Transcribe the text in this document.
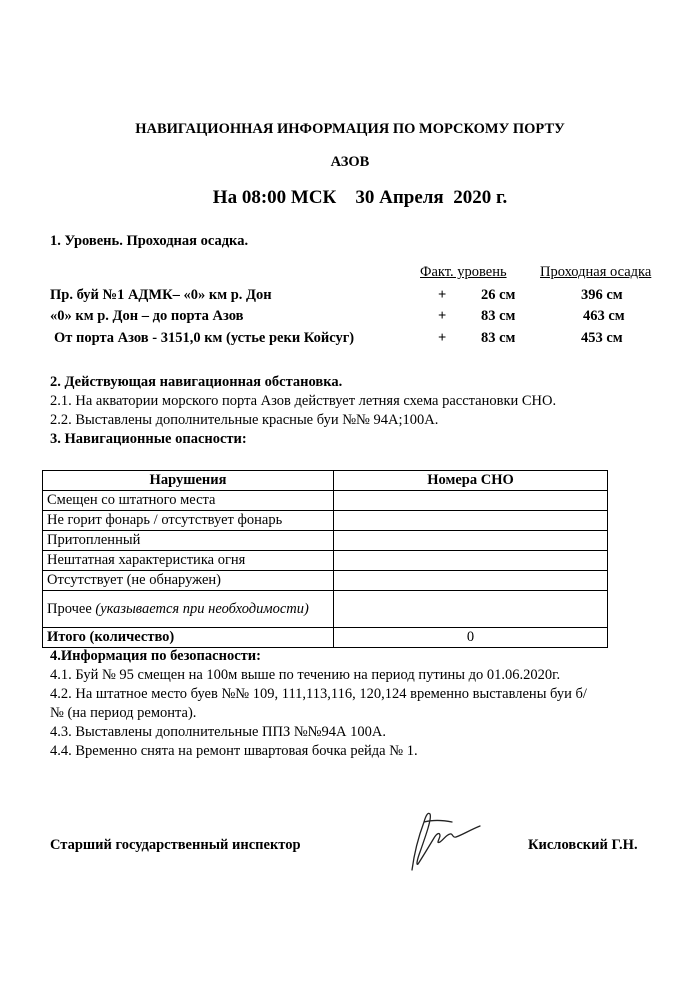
НАВИГАЦИОННАЯ ИНФОРМАЦИЯ ПО МОРСКОМУ ПОРТУ
АЗОВ
На 08:00 МСК 30 Апреля 2020 г.
1. Уровень. Проходная осадка.
Факт. уровень Проходная осадка
Пр. буй №1 АДМК– «0» км р. Дон	+ 26 см	396 см
«0» км р. Дон – до порта Азов	+ 83 см	463 см
От порта Азов - 3151,0 км (устье реки Койсуг)	+ 83 см	453 см
2. Действующая навигационная обстановка.
2.1. На акватории морского порта Азов действует летняя схема расстановки СНО.
2.2. Выставлены дополнительные красные буи №№ 94А;100А.
3. Навигационные опасности:
Нарушения	Номера СНО
Смещен со штатного места	
Не горит фонарь / отсутствует фонарь	
Притопленный	
Нештатная характеристика огня	
Отсутствует (не обнаружен)	
Прочее (указывается при необходимости)	
Итого (количество)	0
4.Информация по безопасности:
4.1. Буй № 95 смещен на 100м выше по течению на период путины до 01.06.2020г.
4.2. На штатное место буев №№ 109, 111,113,116, 120,124 временно выставлены буи б/
№ (на период ремонта).
4.3. Выставлены дополнительные ППЗ №№94А 100А.
4.4. Временно снята на ремонт швартовая бочка рейда № 1.
Старший государственный инспектор	Кисловский Г.Н.
